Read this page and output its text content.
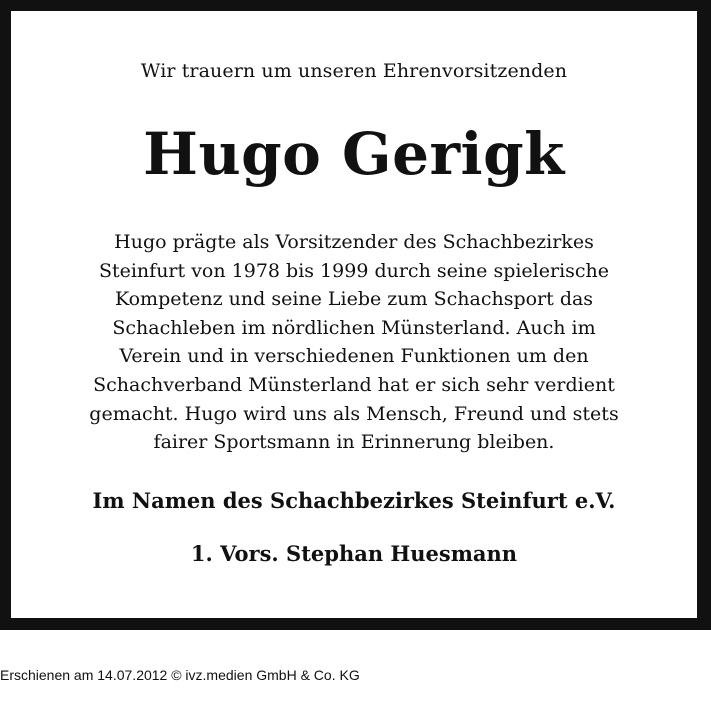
Wir trauern um unseren Ehrenvorsitzenden
Hugo Gerigk
Hugo prägte als Vorsitzender des Schachbezirkes
Steinfurt von 1978 bis 1999 durch seine spielerische
Kompetenz und seine Liebe zum Schachsport das
Schachleben im nördlichen Münsterland. Auch im
Verein und in verschiedenen Funktionen um den
Schachverband Münsterland hat er sich sehr verdient
gemacht. Hugo wird uns als Mensch, Freund und stets
fairer Sportsmann in Erinnerung bleiben.
Im Namen des Schachbezirkes Steinfurt e.V.
1. Vors. Stephan Huesmann
Erschienen am 14.07.2012 © ivz.medien GmbH & Co. KG
